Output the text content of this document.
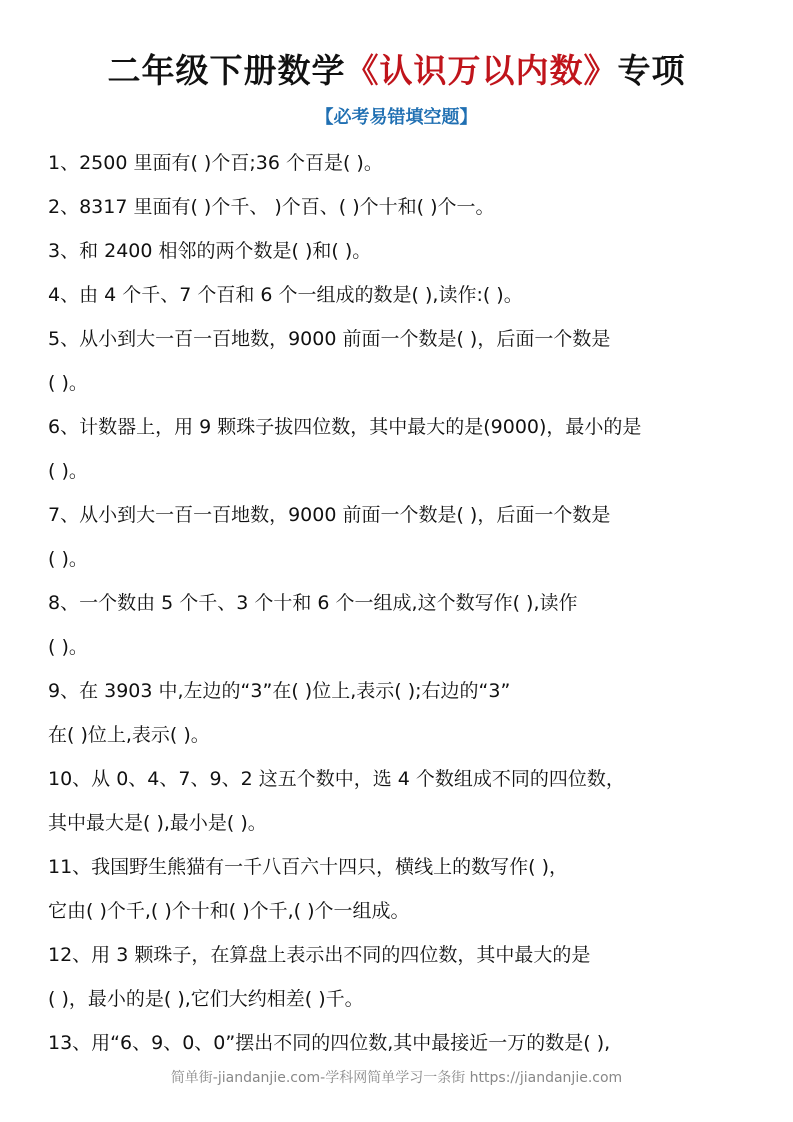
二年级下册数学《认识万以内数》专项
【必考易错填空题】
1、2500 里面有( )个百;36 个百是( )。
2、8317 里面有( )个千、 )个百、( )个十和( )个一。
3、和 2400 相邻的两个数是( )和( )。
4、由 4 个千、7 个百和 6 个一组成的数是( ),读作:( )。
5、从小到大一百一百地数，9000 前面一个数是( )，后面一个数是
( )。
6、计数器上，用 9 颗珠子拔四位数，其中最大的是(9000)，最小的是
( )。
7、从小到大一百一百地数，9000 前面一个数是( )，后面一个数是
( )。
8、一个数由 5 个千、3 个十和 6 个一组成,这个数写作( ),读作
( )。
9、在 3903 中,左边的“3”在( )位上,表示( );右边的“3”
在( )位上,表示( )。
10、从 0、4、7、9、2 这五个数中，选 4 个数组成不同的四位数，
其中最大是( ),最小是( )。
11、我国野生熊猫有一千八百六十四只，横线上的数写作( )，
它由( )个千,( )个十和( )个千,( )个一组成。
12、用 3 颗珠子，在算盘上表示出不同的四位数，其中最大的是
( )，最小的是( ),它们大约相差( )千。
13、用“6、9、0、0”摆出不同的四位数,其中最接近一万的数是( ),
简单街-jiandanjie.com-学科网简单学习一条街 https://jiandanjie.com
